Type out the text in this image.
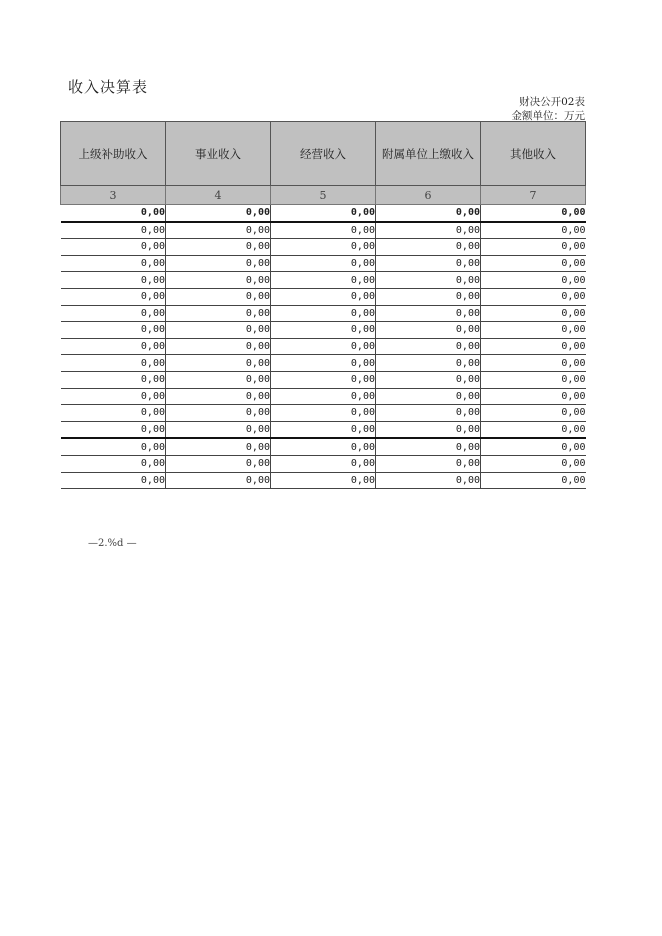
收入决算表
财决公开02表
金额单位：万元
上级补助收入	事业收入	经营收入	附属单位上缴收入	其他收入
3	4	5	6	7
0,00	0,00	0,00	0,00	0,00
0,00	0,00	0,00	0,00	0,00
0,00	0,00	0,00	0,00	0,00
0,00	0,00	0,00	0,00	0,00
0,00	0,00	0,00	0,00	0,00
0,00	0,00	0,00	0,00	0,00
0,00	0,00	0,00	0,00	0,00
0,00	0,00	0,00	0,00	0,00
0,00	0,00	0,00	0,00	0,00
0,00	0,00	0,00	0,00	0,00
0,00	0,00	0,00	0,00	0,00
0,00	0,00	0,00	0,00	0,00
0,00	0,00	0,00	0,00	0,00
0,00	0,00	0,00	0,00	0,00
0,00	0,00	0,00	0,00	0,00
0,00	0,00	0,00	0,00	0,00
0,00	0,00	0,00	0,00	0,00
—2.%d —
